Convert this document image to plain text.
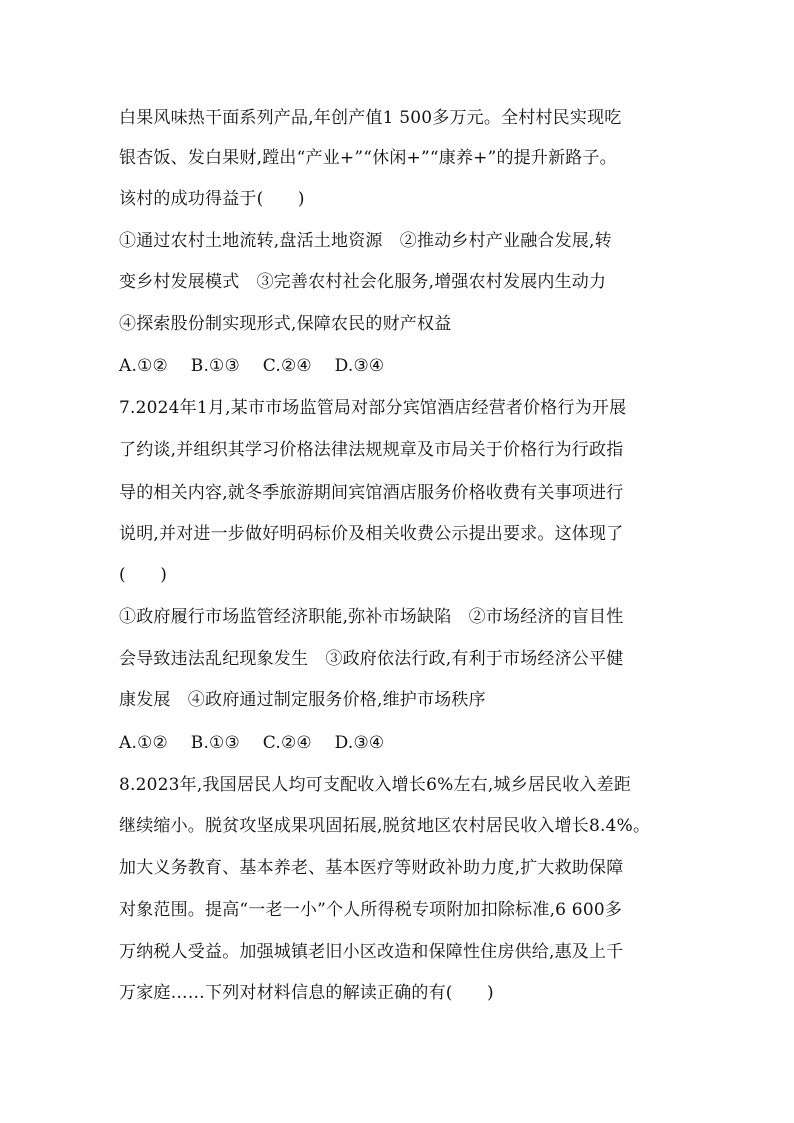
白果风味热干面系列产品,年创产值1 500多万元。全村村民实现吃
银杏饭、发白果财,蹚出“产业+”“休闲+”“康养+”的提升新路子。
该村的成功得益于(　　)
①通过农村土地流转,盘活土地资源　②推动乡村产业融合发展,转
变乡村发展模式　③完善农村社会化服务,增强农村发展内生动力
④探索股份制实现形式,保障农民的财产权益
A.①②　 B.①③　 C.②④　 D.③④
7.2024年1月,某市市场监管局对部分宾馆酒店经营者价格行为开展
了约谈,并组织其学习价格法律法规规章及市局关于价格行为行政指
导的相关内容,就冬季旅游期间宾馆酒店服务价格收费有关事项进行
说明,并对进一步做好明码标价及相关收费公示提出要求。这体现了
(　　)
①政府履行市场监管经济职能,弥补市场缺陷　②市场经济的盲目性
会导致违法乱纪现象发生　③政府依法行政,有利于市场经济公平健
康发展　④政府通过制定服务价格,维护市场秩序
A.①②　 B.①③　 C.②④　 D.③④
8.2023年,我国居民人均可支配收入增长6%左右,城乡居民收入差距
继续缩小。脱贫攻坚成果巩固拓展,脱贫地区农村居民收入增长8.4%。
加大义务教育、基本养老、基本医疗等财政补助力度,扩大救助保障
对象范围。提高“一老一小”个人所得税专项附加扣除标准,6 600多
万纳税人受益。加强城镇老旧小区改造和保障性住房供给,惠及上千
万家庭……下列对材料信息的解读正确的有(　　)
